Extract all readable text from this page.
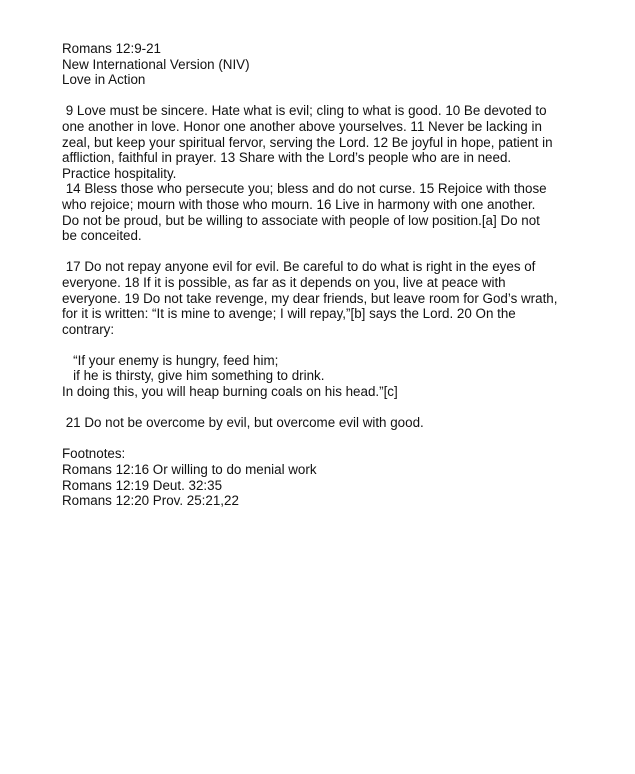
Romans 12:9-21
New International Version (NIV)
Love in Action
9 Love must be sincere. Hate what is evil; cling to what is good. 10 Be devoted to
one another in love. Honor one another above yourselves. 11 Never be lacking in
zeal, but keep your spiritual fervor, serving the Lord. 12 Be joyful in hope, patient in
affliction, faithful in prayer. 13 Share with the Lord’s people who are in need.
Practice hospitality.
14 Bless those who persecute you; bless and do not curse. 15 Rejoice with those
who rejoice; mourn with those who mourn. 16 Live in harmony with one another.
Do not be proud, but be willing to associate with people of low position.[a] Do not
be conceited.
17 Do not repay anyone evil for evil. Be careful to do what is right in the eyes of
everyone. 18 If it is possible, as far as it depends on you, live at peace with
everyone. 19 Do not take revenge, my dear friends, but leave room for God’s wrath,
for it is written: “It is mine to avenge; I will repay,”[b] says the Lord. 20 On the
contrary:
“If your enemy is hungry, feed him;
if he is thirsty, give him something to drink.
In doing this, you will heap burning coals on his head.”[c]
21 Do not be overcome by evil, but overcome evil with good.
Footnotes:
Romans 12:16 Or willing to do menial work
Romans 12:19 Deut. 32:35
Romans 12:20 Prov. 25:21,22
